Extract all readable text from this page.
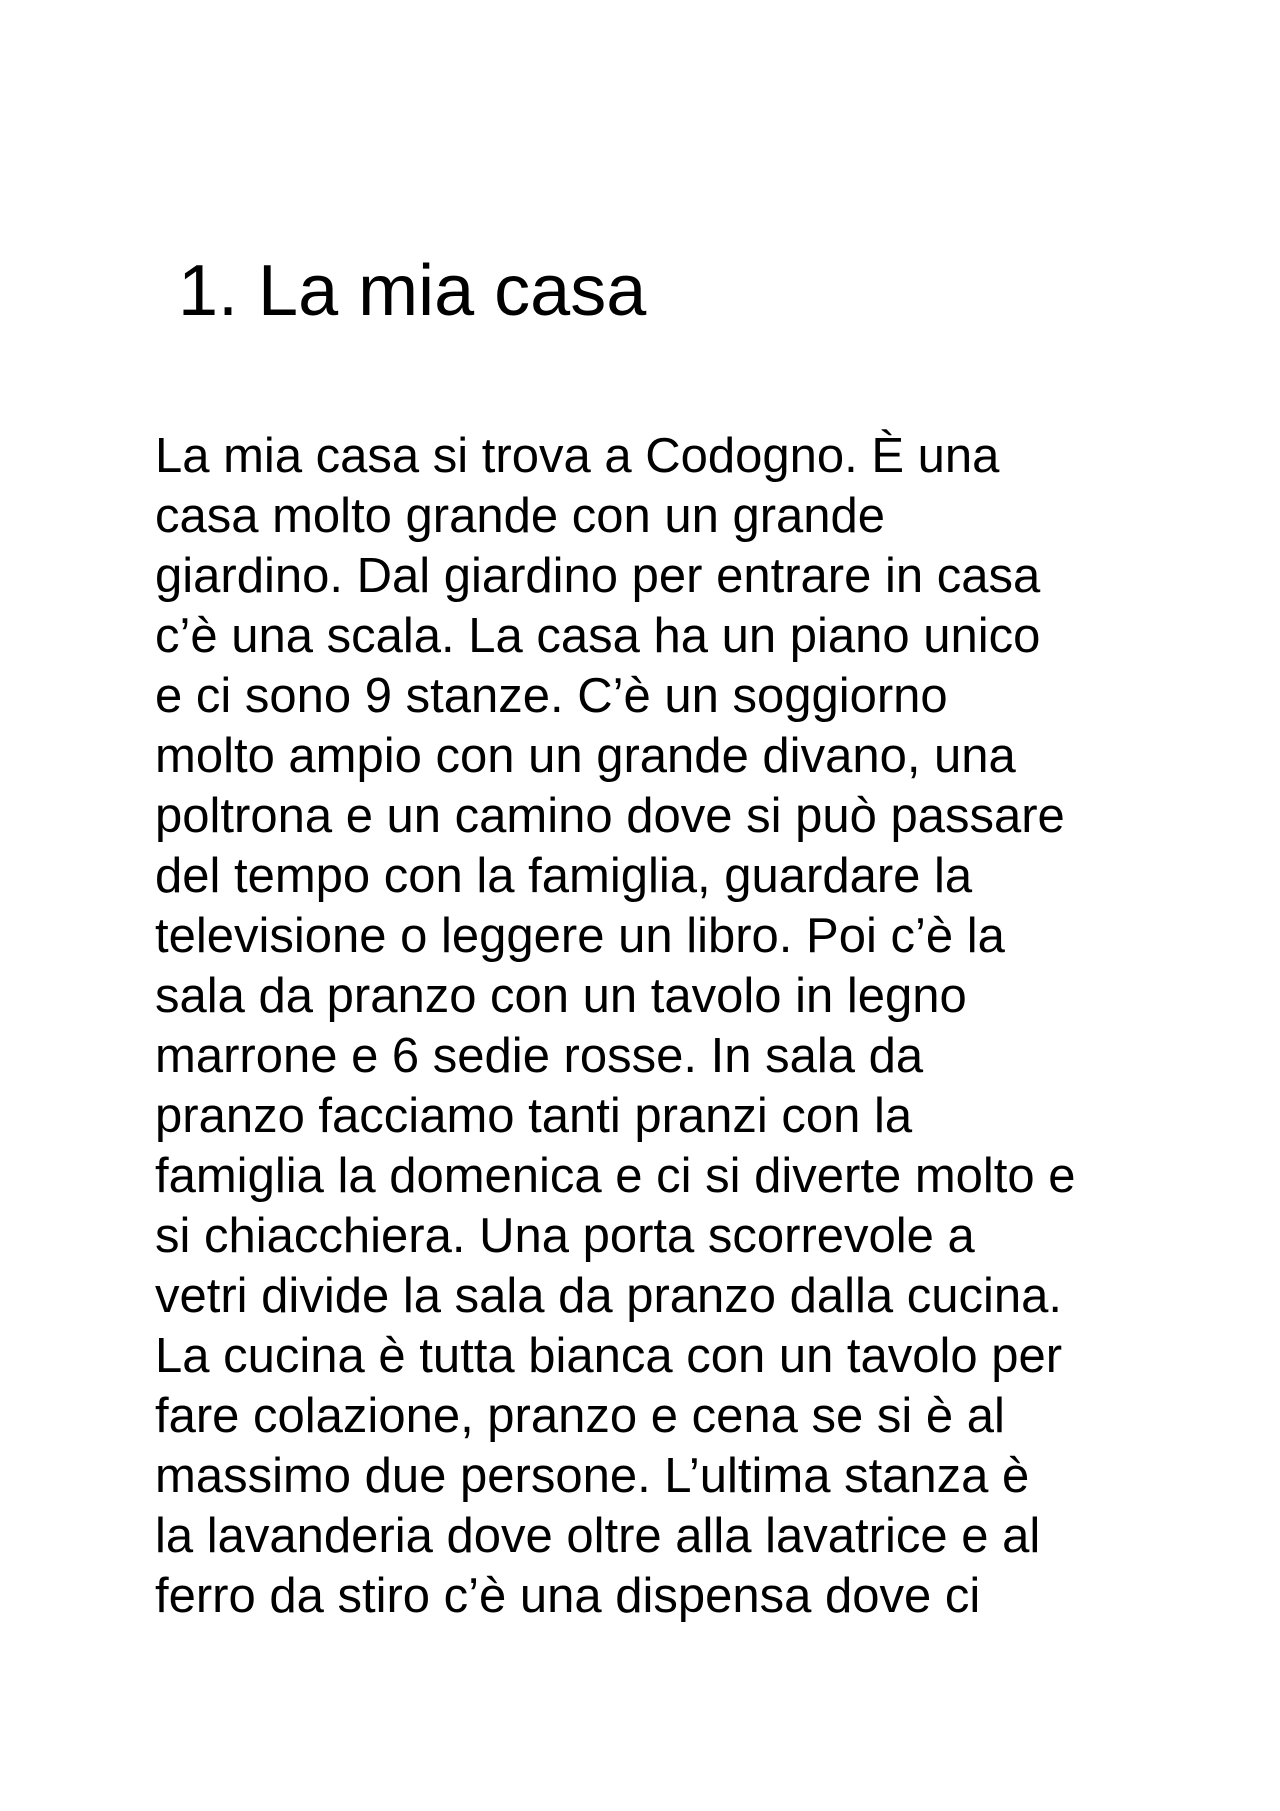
1. La mia casa
La mia casa si trova a Codogno. È una
casa molto grande con un grande
giardino. Dal giardino per entrare in casa
c’è una scala. La casa ha un piano unico
e ci sono 9 stanze. C’è un soggiorno
molto ampio con un grande divano, una
poltrona e un camino dove si può passare
del tempo con la famiglia, guardare la
televisione o leggere un libro. Poi c’è la
sala da pranzo con un tavolo in legno
marrone e 6 sedie rosse. In sala da
pranzo facciamo tanti pranzi con la
famiglia la domenica e ci si diverte molto e
si chiacchiera. Una porta scorrevole a
vetri divide la sala da pranzo dalla cucina.
La cucina è tutta bianca con un tavolo per
fare colazione, pranzo e cena se si è al
massimo due persone. L’ultima stanza è
la lavanderia dove oltre alla lavatrice e al
ferro da stiro c’è una dispensa dove ci
